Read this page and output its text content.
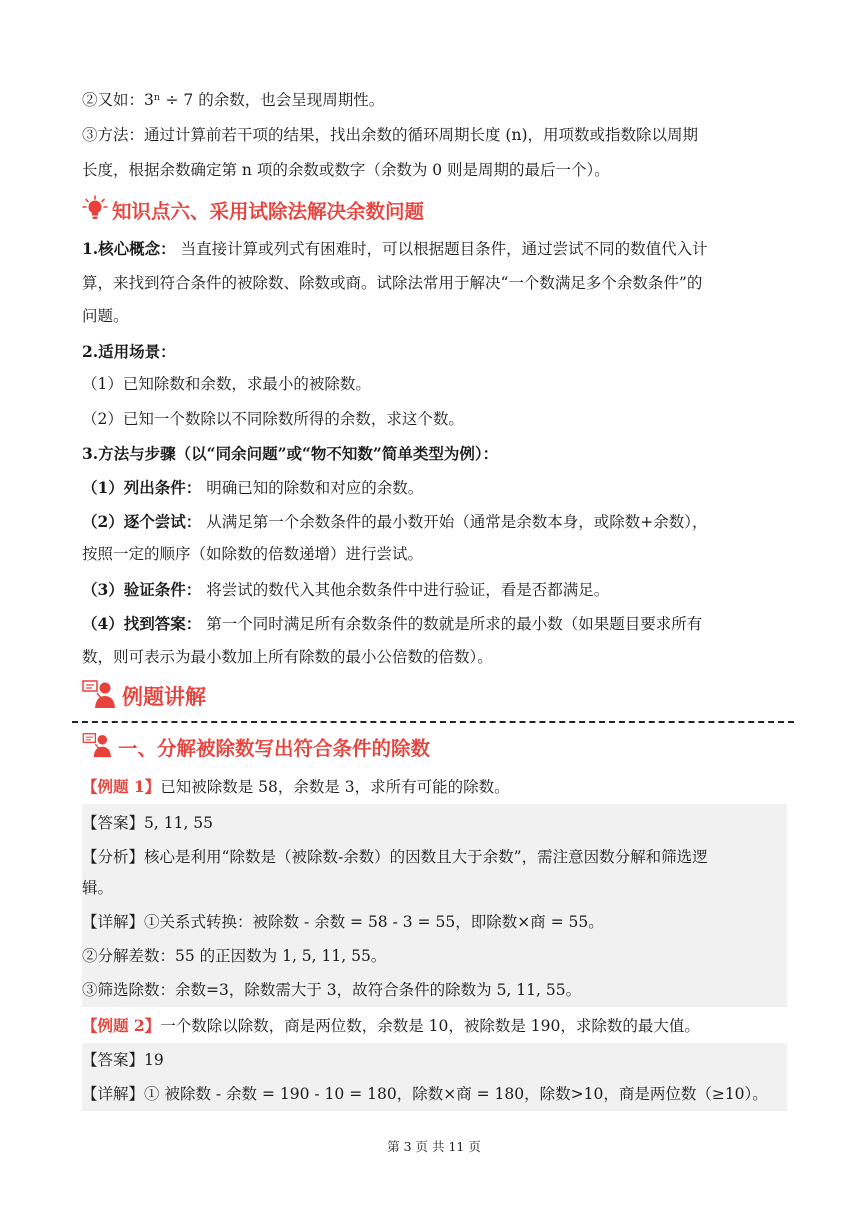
②又如：3ⁿ ÷ 7 的余数，也会呈现周期性。
③方法：通过计算前若干项的结果，找出余数的循环周期长度 (n)，用项数或指数除以周期
长度，根据余数确定第 n 项的余数或数字（余数为 0 则是周期的最后一个）。
知识点六、采用试除法解决余数问题
1.核心概念： 当直接计算或列式有困难时，可以根据题目条件，通过尝试不同的数值代入计
算，来找到符合条件的被除数、除数或商。试除法常用于解决“一个数满足多个余数条件”的
问题。
2.适用场景：
（1）已知除数和余数，求最小的被除数。
（2）已知一个数除以不同除数所得的余数，求这个数。
3.方法与步骤（以“同余问题”或“物不知数”简单类型为例）：
（1）列出条件： 明确已知的除数和对应的余数。
（2）逐个尝试： 从满足第一个余数条件的最小数开始（通常是余数本身，或除数+余数），
按照一定的顺序（如除数的倍数递增）进行尝试。
（3）验证条件： 将尝试的数代入其他余数条件中进行验证，看是否都满足。
（4）找到答案： 第一个同时满足所有余数条件的数就是所求的最小数（如果题目要求所有
数，则可表示为最小数加上所有除数的最小公倍数的倍数）。
例题讲解
一、分解被除数写出符合条件的除数
【例题 1】已知被除数是 58，余数是 3，求所有可能的除数。
【答案】5, 11, 55
【分析】核心是利用“除数是（被除数-余数）的因数且大于余数”，需注意因数分解和筛选逻
辑。
【详解】①关系式转换：被除数 - 余数 = 58 - 3 = 55，即除数×商 = 55。
②分解差数：55 的正因数为 1, 5, 11, 55。
③筛选除数：余数=3，除数需大于 3，故符合条件的除数为 5, 11, 55。
【例题 2】一个数除以除数，商是两位数，余数是 10，被除数是 190，求除数的最大值。
【答案】19
【详解】① 被除数 - 余数 = 190 - 10 = 180，除数×商 = 180，除数>10，商是两位数（≥10）。
第 3 页 共 11 页
